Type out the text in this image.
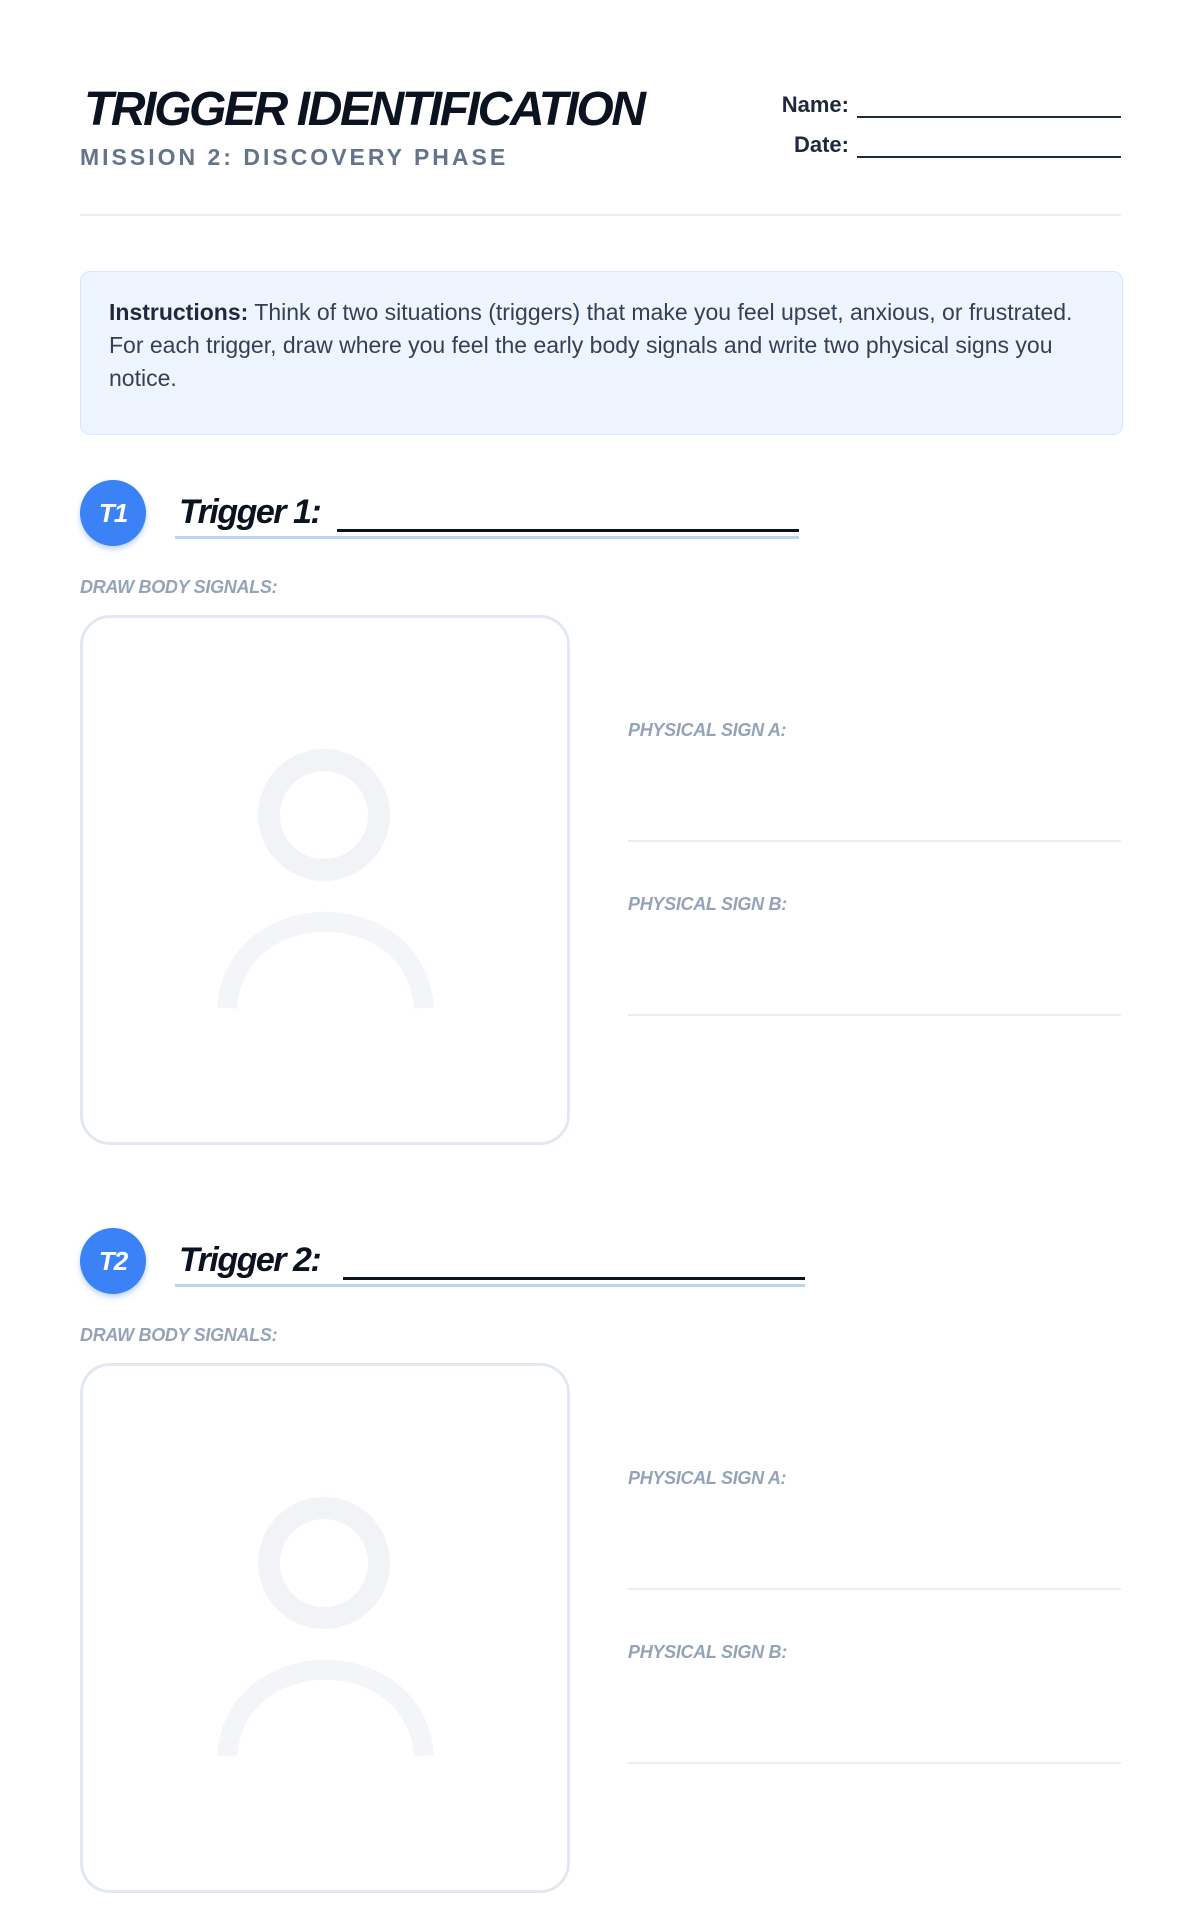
TRIGGER IDENTIFICATION
MISSION 2: DISCOVERY PHASE
Name:
Date:
Instructions: Think of two situations (triggers) that make you feel upset, anxious, or frustrated. For each trigger, draw where you feel the early body signals and write two physical signs you notice.
T1	Trigger 1:
DRAW BODY SIGNALS:
PHYSICAL SIGN A:
PHYSICAL SIGN B:
T2	Trigger 2:
DRAW BODY SIGNALS:
PHYSICAL SIGN A:
PHYSICAL SIGN B:
